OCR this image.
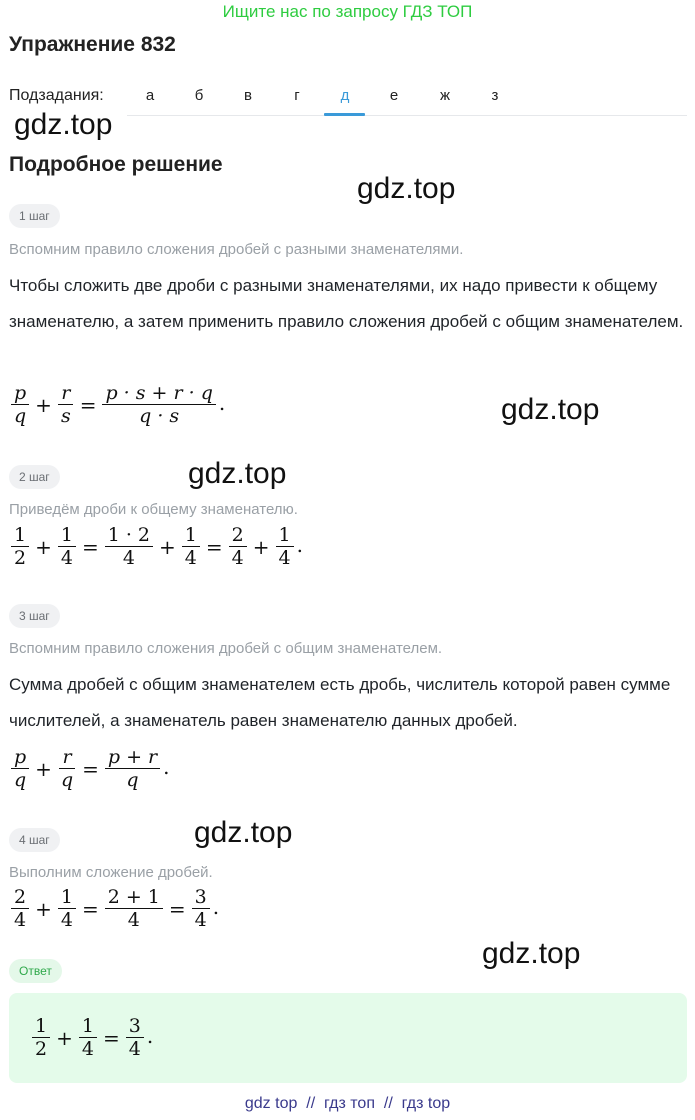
Ищите нас по запросу ГДЗ ТОП
Упражнение 832
Подзадания:	а	б	в	г	д	е	ж	з
gdz.top
Подробное решение
gdz.top
1 шаг
Вспомним правило сложения дробей с разными знаменателями.
Чтобы сложить две дроби с разными знаменателями, их надо привести к общему знаменателю, а затем применить правило сложения дробей с общим знаменателем.
$\frac{p}{q} + \frac{r}{s} = \frac{p \cdot s + r \cdot q}{q \cdot s}$ .	gdz.top
gdz.top
2 шаг
Приведём дроби к общему знаменателю.
$\frac{1}{2} + \frac{1}{4} = \frac{1 \cdot 2}{4} + \frac{1}{4} = \frac{2}{4} + \frac{1}{4}$ .
3 шаг
Вспомним правило сложения дробей с общим знаменателем.
Сумма дробей с общим знаменателем есть дробь, числитель которой равен сумме числителей, а знаменатель равен знаменателю данных дробей.
$\frac{p}{q} + \frac{r}{q} = \frac{p + r}{q}$ .
4 шаг	gdz.top
Выполним сложение дробей.
$\frac{2}{4} + \frac{1}{4} = \frac{2 + 1}{4} = \frac{3}{4}$ .
Ответ
gdz.top
$\frac{1}{2} + \frac{1}{4} = \frac{3}{4}$ .
gdz top  //  гдз топ  //  гдз top
